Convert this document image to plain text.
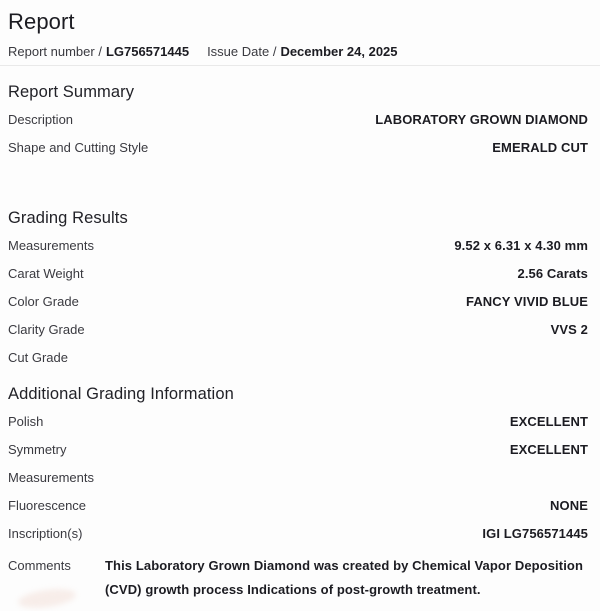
Report
Report number / LG756571445 Issue Date / December 24, 2025
Report Summary
Description	LABORATORY GROWN DIAMOND
Shape and Cutting Style	EMERALD CUT
Grading Results
Measurements	9.52 x 6.31 x 4.30 mm
Carat Weight	2.56 Carats
Color Grade	FANCY VIVID BLUE
Clarity Grade	VVS 2
Cut Grade
Additional Grading Information
Polish	EXCELLENT
Symmetry	EXCELLENT
Measurements
Fluorescence	NONE
Inscription(s)	IGI LG756571445
Comments	This Laboratory Grown Diamond was created by Chemical Vapor Deposition (CVD) growth process Indications of post-growth treatment.
